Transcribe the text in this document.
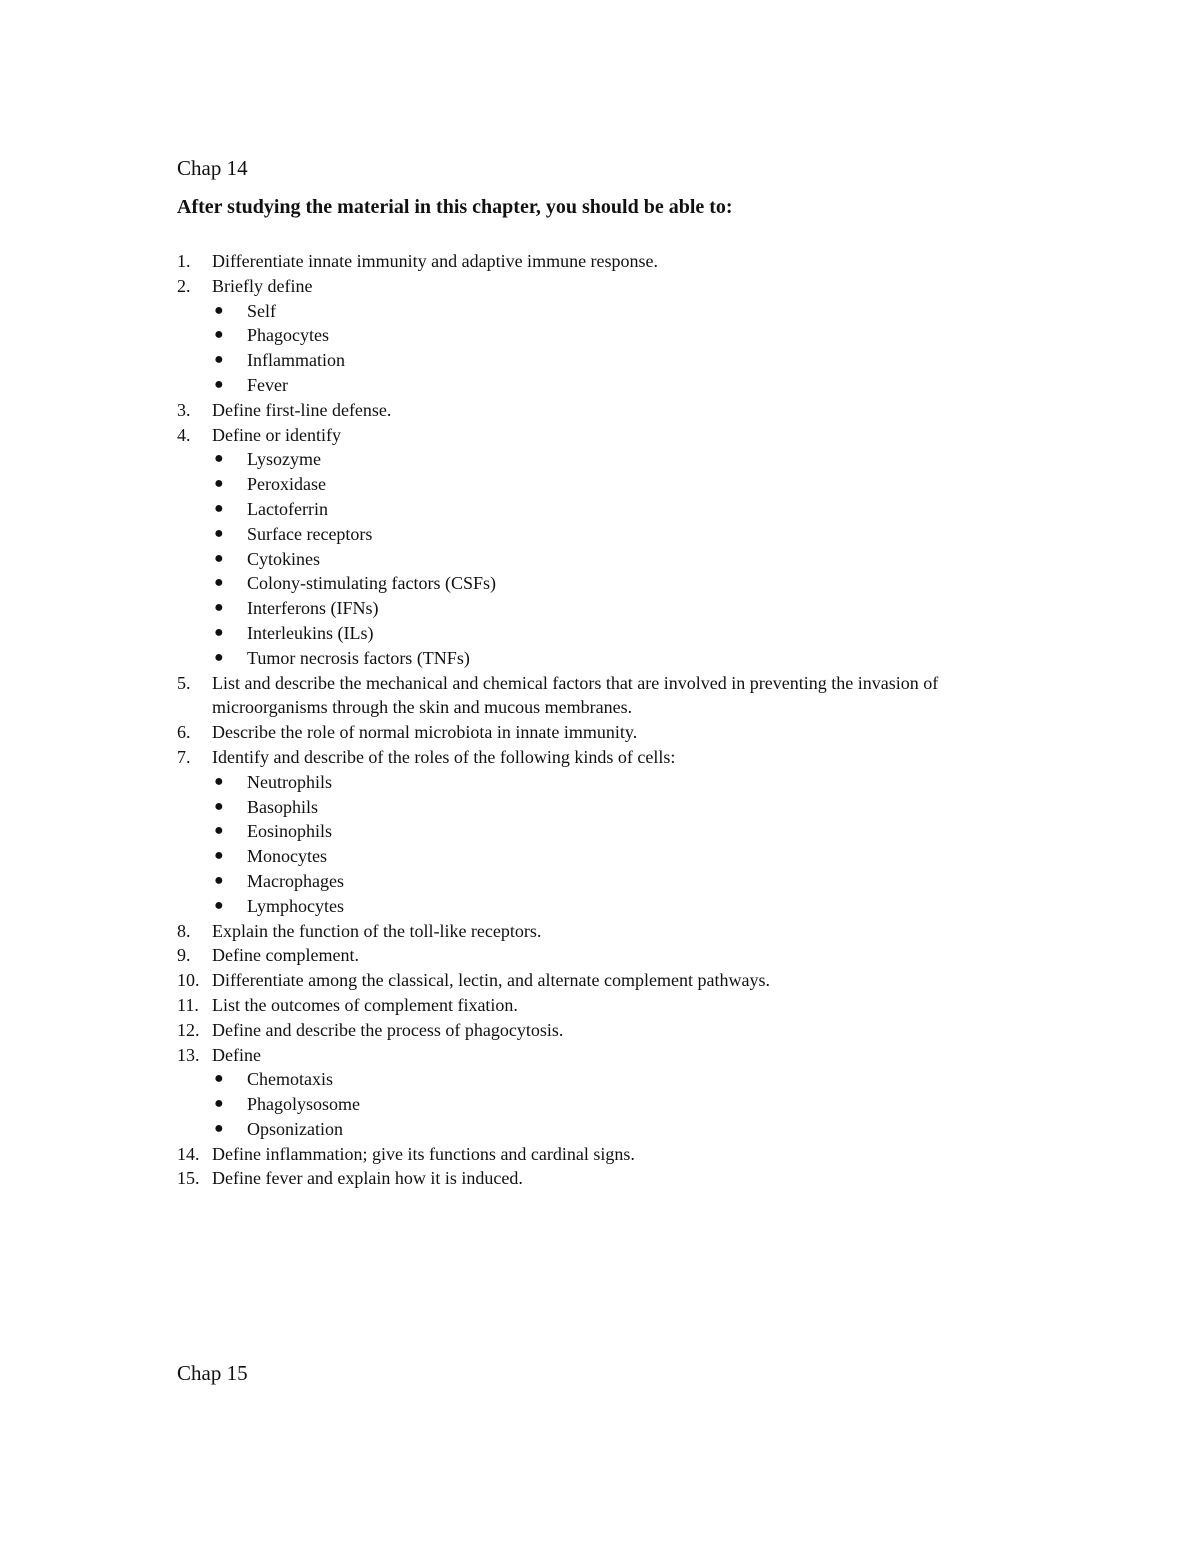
Chap 14
After studying the material in this chapter, you should be able to:
1. Differentiate innate immunity and adaptive immune response.
2. Briefly define
● Self
● Phagocytes
● Inflammation
● Fever
3. Define first-line defense.
4. Define or identify
● Lysozyme
● Peroxidase
● Lactoferrin
● Surface receptors
● Cytokines
● Colony-stimulating factors (CSFs)
● Interferons (IFNs)
● Interleukins (ILs)
● Tumor necrosis factors (TNFs)
5. List and describe the mechanical and chemical factors that are involved in preventing the invasion of microorganisms through the skin and mucous membranes.
6. Describe the role of normal microbiota in innate immunity.
7. Identify and describe of the roles of the following kinds of cells:
● Neutrophils
● Basophils
● Eosinophils
● Monocytes
● Macrophages
● Lymphocytes
8. Explain the function of the toll-like receptors.
9. Define complement.
10. Differentiate among the classical, lectin, and alternate complement pathways.
11. List the outcomes of complement fixation.
12. Define and describe the process of phagocytosis.
13. Define
● Chemotaxis
● Phagolysosome
● Opsonization
14. Define inflammation; give its functions and cardinal signs.
15. Define fever and explain how it is induced.
Chap 15
